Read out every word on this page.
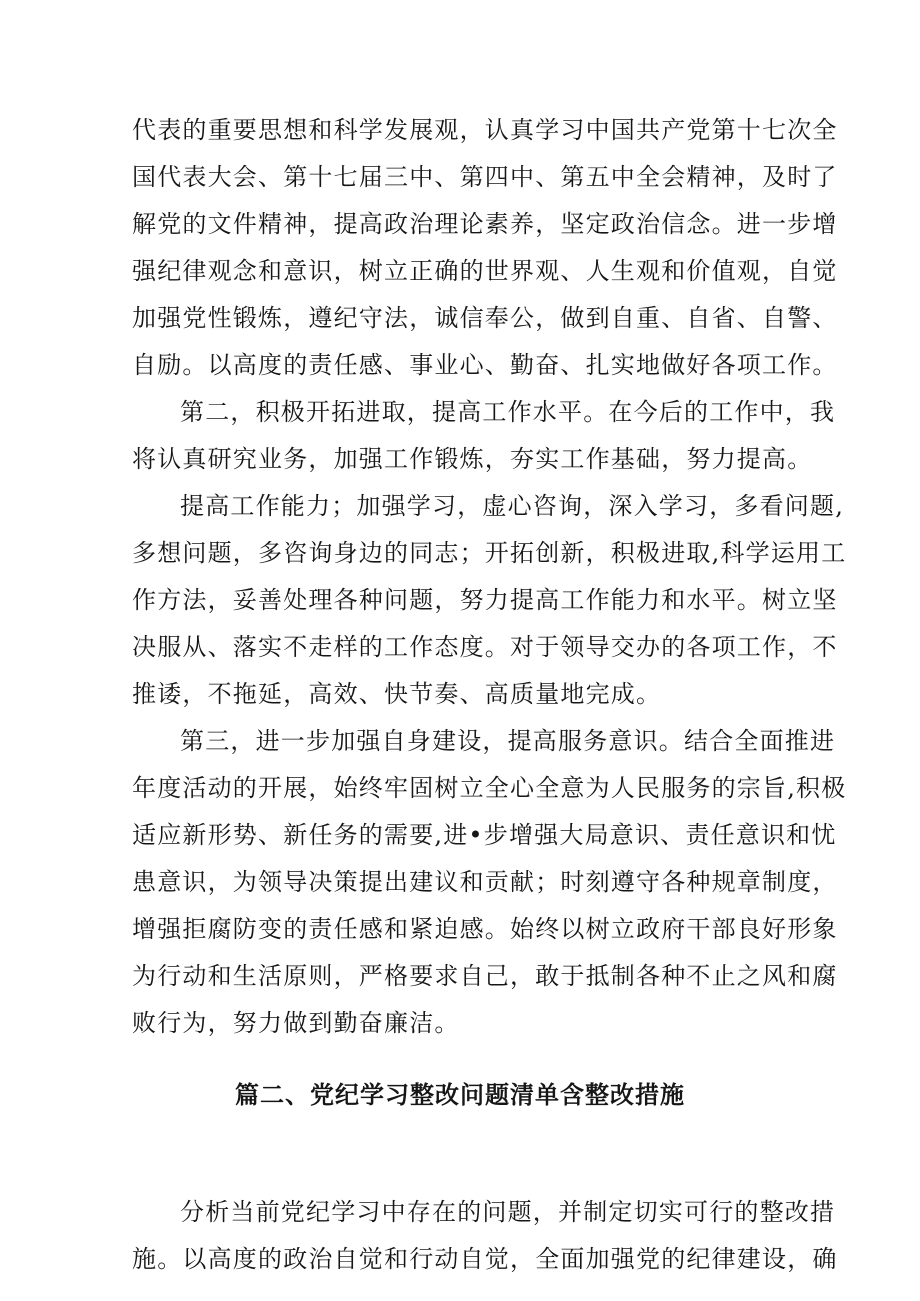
代表的重要思想和科学发展观，认真学习中国共产党第十七次全
国代表大会、第十七届三中、第四中、第五中全会精神，及时了
解党的文件精神，提高政治理论素养，坚定政治信念。进一步增
强纪律观念和意识，树立正确的世界观、人生观和价值观，自觉
加强党性锻炼，遵纪守法，诚信奉公，做到自重、自省、自警、
自励。以高度的责任感、事业心、勤奋、扎实地做好各项工作。
第二，积极开拓进取，提高工作水平。在今后的工作中，我
将认真研究业务，加强工作锻炼，夯实工作基础，努力提高。
提高工作能力；加强学习，虚心咨询，深入学习，多看问题,
多想问题，多咨询身边的同志；开拓创新，积极进取,科学运用工
作方法，妥善处理各种问题，努力提高工作能力和水平。树立坚
决服从、落实不走样的工作态度。对于领导交办的各项工作，不
推诿，不拖延，高效、快节奏、高质量地完成。
第三，进一步加强自身建设，提高服务意识。结合全面推进
年度活动的开展，始终牢固树立全心全意为人民服务的宗旨,积极
适应新形势、新任务的需要,进•步增强大局意识、责任意识和忧
患意识，为领导决策提出建议和贡献；时刻遵守各种规章制度，
增强拒腐防变的责任感和紧迫感。始终以树立政府干部良好形象
为行动和生活原则，严格要求自己，敢于抵制各种不止之风和腐
败行为，努力做到勤奋廉洁。
篇二、党纪学习整改问题清单含整改措施
分析当前党纪学习中存在的问题，并制定切实可行的整改措
施。以高度的政治自觉和行动自觉，全面加强党的纪律建设，确
